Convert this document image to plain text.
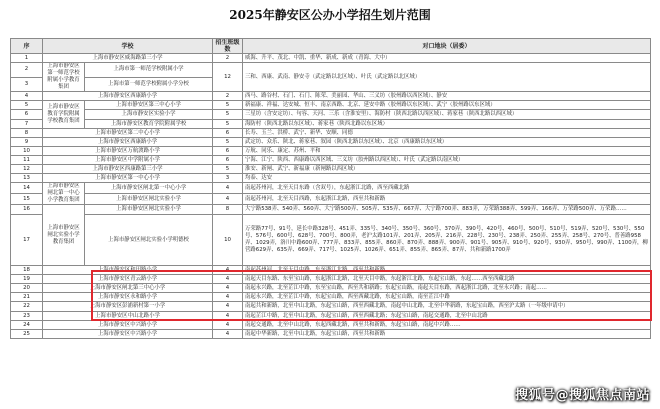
2025年静安区公办小学招生划片范围
序	学校		招生班级数	对口地块（居委）
1	上海市静安区威海路第三小学		2	威海、升平、茂北、中凯、重华、新成、新成（青海、大中）
2	上海市静安区第一师范学校附属小学教育集团	上海市第一师范学校附属小学	12	三和、西康、武南、静安寺（武定路以北区域）、叶氏（武定路以北区域）
3		上海市第一师范学校附属小学分校		
4	上海市静安区西康路小学		2	西马、路谷村、石门、石门、陈荣、美丽园、华山、三义坊（胶州路以西区域）、静安
5	上海市静安区教育学院附属学校教育集团	上海市静安区第三中心小学	5	新福康、祥福、达安城、恒丰、南京西路、北京、延安中路（胶州路以东区域）、武宁（胶州路以东区域）
6		上海市静安区实验小学	5	三星坊（含安定坊）、句容、天河、三乐（含淮安里）、海防村（陕西北路以西区域）、蒋家巷（陕西北路以西区域）
7		上海市静安区教育学院附属学校	5	海防村（陕西北路以东区域）、蒋家巷（陕西北路以东区域）
8	上海市静安区第二中心小学		6	长寿、玉兰、洪桥、武宁、新华、安顺、同德
9	上海市静安区西康路小学		5	武定坊、众乐、陕北、蒋家巷、叙园（陕西北路以东区域）、北京（西康路以东区域）
10	上海市静安区万航渡路小学		6	万航、同乐、康定、苏州、平和
11	上海市静安区中学附属小学		6	宁海、江宁、陕西、西康路以西区域、三义坊（胶州路以西区域）、叶氏（武定路以南区域）
12	上海市静安区西康路第三小学		5	淮安、新闸、武宁、新福康（新闸路以西区域）
13	上海市静安区第一中心小学		3	均泰、达安
14	上海市静安区闸北第一中心小学教育集团	上海市静安区闸北第一中心小学	4	南起苏州河，北至天目东路（含双号），东起浙江北路，西至西藏北路
15		上海市静安区闸北实验小学	4	南起苏州河，北至天目西路，东起浙江北路，西至共和新路
16	上海市静安区闸北实验小学教育集团	上海市静安区闸北实验小学	8	大宁路538弄、540弄、560弄、大宁路500弄、505弄、535弄、667弄、大宁路700弄、883弄，万荣路388弄、599弄、166弄、万荣路500弄、万荣路……
17		上海市静安区闸北实验小学明德校	10	万荣路77号、91号，延长中路328号、451弄、335号、340号、350号、360号、370弄、390号、420号、460号、500号、510号、519弄、520号、530号、550号、576号、600号、628号、700号、800弄，老沪太路101弄、201弄、205弄、216弄、228号、230号、238弄、250弄、255弄、258号、270号、普善路958弄、1029弄，洛川中路600弄、777弄、833弄、855弄、860弄、870弄、888弄、900弄、901号、905弄、910号、920号、930弄、950号、990弄、1100弄，柳营路629弄、635弄、669弄、717号、1025弄、1026弄、651弄、855弄、865弄、87弄、共和新路1700弄
18	上海市静安区和田路小学		4	南起苏州河，北至天目中路，东至浙江北路，西至共和新路
19	上海市静安区青云路小学		4	南起天目东路、东至宝山路，东起浙江北路，北至天目中路，东起浙江北路，东起宝山路，东起……西至西藏北路
20	上海市静安区闸北第三中心小学		4	南起永兴路，北至芷江中路，东至宝山路，西至共和新路；东起宝山路，南起天目东路，西起浙江北路，北至永兴路；南起……
21	上海市静安区永和路小学		4	南起永兴路，北至芷江中路，东起宝山路，西至西藏北路，东起宝山路，南至芷江中路
22	上海市静安区彭浦新村第一小学		4	南起共和新路，北至中山北路，东起宝山路，西至西藏北路，南起中山北路，北至中华新路，东起宝山路，西至沪太路（一年级申请中）
23	上海市静安区中山北路小学		4	南起芷江中路，北至中山北路，东起宝山路，西至西藏北路；东起宝山路，南起交通路，北至中山北路
24	上海市静安区中兴路小学		4	南起交通路，北至中山北路，东起西藏北路，西至共和新路，东起宝山路，南起中兴路……
25	上海市静安区中兴路小学		4	南起中华新路，北至中山北路，东起宝山路，西至共和新路
搜狐号@搜狐焦点南站
